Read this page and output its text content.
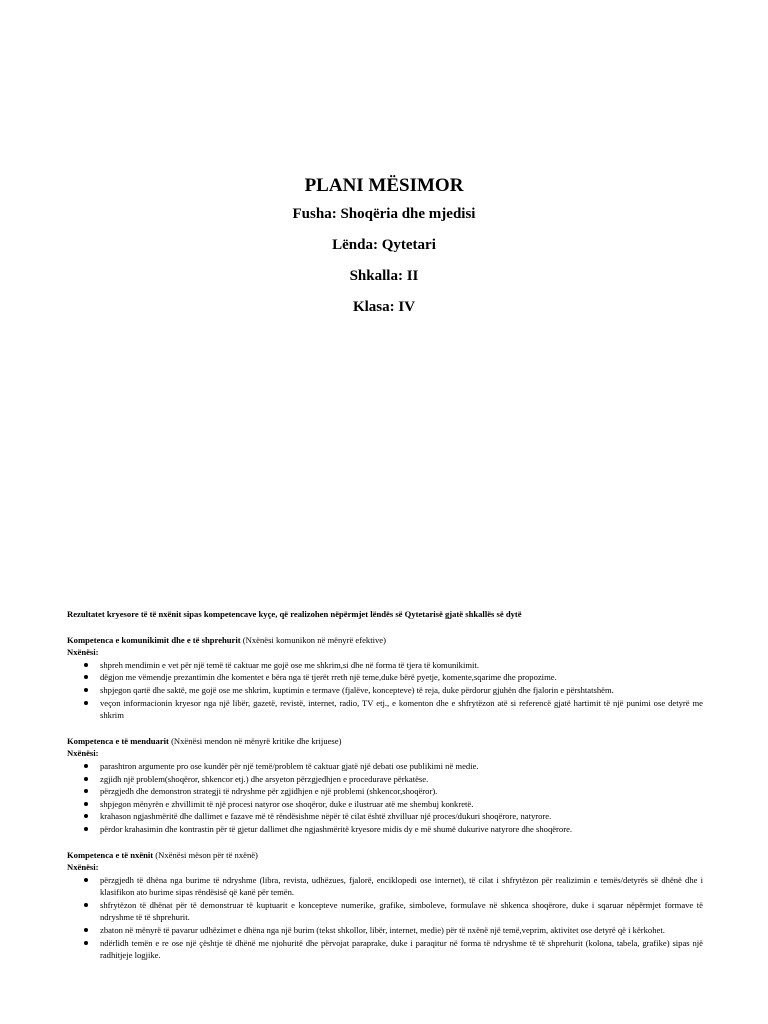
PLANI MËSIMOR
Fusha: Shoqëria dhe mjedisi
Lënda: Qytetari
Shkalla: II
Klasa: IV
Rezultatet kryesore të të nxënit sipas kompetencave kyçe, që realizohen nëpërmjet lëndës së Qytetarisë gjatë shkallës së dytë
Kompetenca e komunikimit dhe e të shprehurit (Nxënësi komunikon në mënyrë efektive)
Nxënësi:
shpreh mendimin e vet për një temë të caktuar me gojë ose me shkrim,si dhe në forma të tjera të komunikimit.
dëgjon me vëmendje prezantimin dhe komentet e bëra nga të tjerët rreth një teme,duke bërë pyetje, komente,sqarime dhe propozime.
shpjegon qartë dhe saktë, me gojë ose me shkrim, kuptimin e termave (fjalëve, koncepteve) të reja, duke përdorur gjuhën dhe fjalorin e përshtatshëm.
veçon informacionin kryesor nga një libër, gazetë, revistë, internet, radio, TV etj., e komenton dhe e shfrytëzon atë si referencë gjatë hartimit të një punimi ose detyrë me shkrim
Kompetenca e të menduarit (Nxënësi mendon në mënyrë kritike dhe krijuese)
Nxënësi:
parashtron argumente pro ose kundër për një temë/problem të caktuar gjatë një debati ose publikimi në medie.
zgjidh një problem(shoqëror, shkencor etj.) dhe arsyeton përzgjedhjen e procedurave përkatëse.
përzgjedh dhe demonstron strategji të ndryshme për zgjidhjen e një problemi (shkencor,shoqëror).
shpjegon mënyrën e zhvillimit të një procesi natyror ose shoqëror, duke e ilustruar atë me shembuj konkretë.
krahason ngjashmëritë dhe dallimet e fazave më të rëndësishme nëpër të cilat është zhvilluar një proces/dukuri shoqërore, natyrore.
përdor krahasimin dhe kontrastin për të gjetur dallimet dhe ngjashmëritë kryesore midis dy e më shumë dukurive natyrore dhe shoqërore.
Kompetenca e të nxënit (Nxënësi mëson për të nxënë)
Nxënësi:
përzgjedh të dhëna nga burime të ndryshme (libra, revista, udhëzues, fjalorë, enciklopedi ose internet), të cilat i shfrytëzon për realizimin e temës/detyrës së dhënë dhe i klasifikon ato burime sipas rëndësisë që kanë për temën.
shfrytëzon të dhënat për të demonstruar të kuptuarit e koncepteve numerike, grafike, simboleve, formulave në shkenca shoqërore, duke i sqaruar nëpërmjet formave të ndryshme të të shprehurit.
zbaton në mënyrë të pavarur udhëzimet e dhëna nga një burim (tekst shkollor, libër, internet, medie) për të nxënë një temë,veprim, aktivitet ose detyrë që i kërkohet.
ndërlidh temën e re ose një çështje të dhënë me njohuritë dhe përvojat paraprake, duke i paraqitur në forma të ndryshme të të shprehurit (kolona, tabela, grafike) sipas një radhitjeje logjike.
